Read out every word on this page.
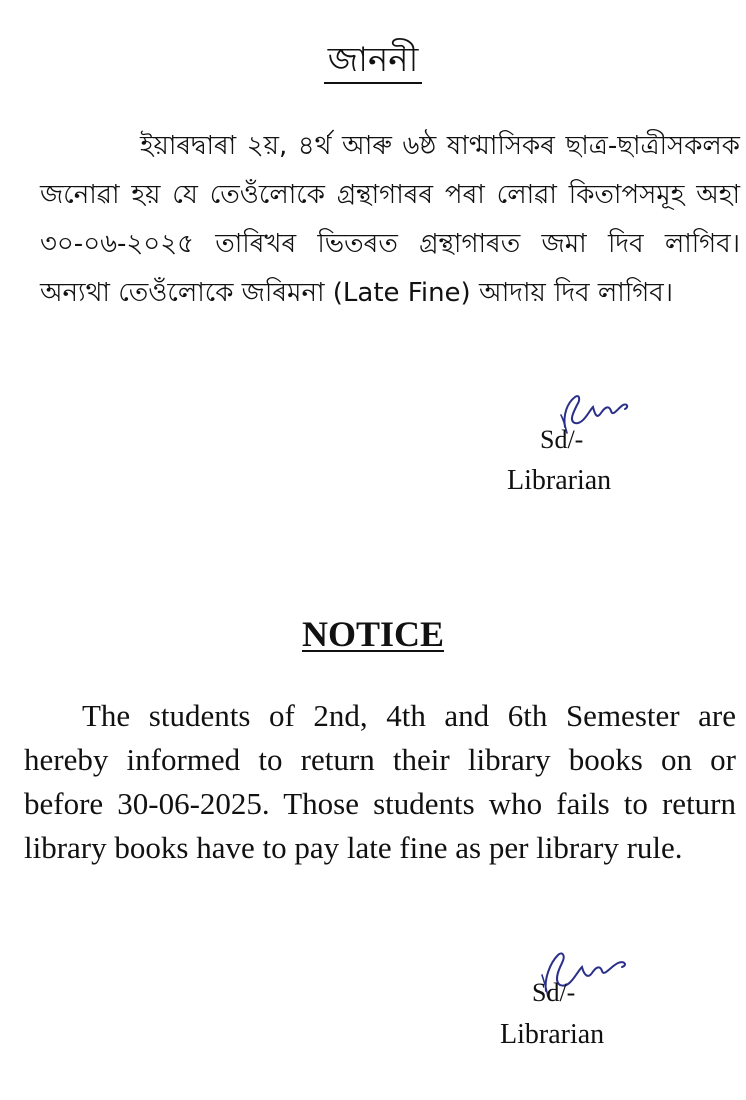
জাননী

ইয়াৰদ্বাৰা ২য়, ৪ৰ্থ আৰু ৬ষ্ঠ ষাণ্মাসিকৰ ছাত্ৰ-ছাত্ৰীসকলক জনোৱা হয় যে তেওঁলোকে গ্ৰন্থাগাৰৰ পৰা লোৱা কিতাপসমূহ অহা ৩০-০৬-২০২৫ তাৰিখৰ ভিতৰত গ্ৰন্থাগাৰত জমা দিব লাগিব। অন্যথা তেওঁলোকে জৰিমনা (Late Fine) আদায় দিব লাগিব।

Sd/-
Librarian
NOTICE

The students of 2nd, 4th and 6th Semester are hereby informed to return their library books on or before 30-06-2025. Those students who fails to return library books have to pay late fine as per library rule.

Sd/-
Librarian
